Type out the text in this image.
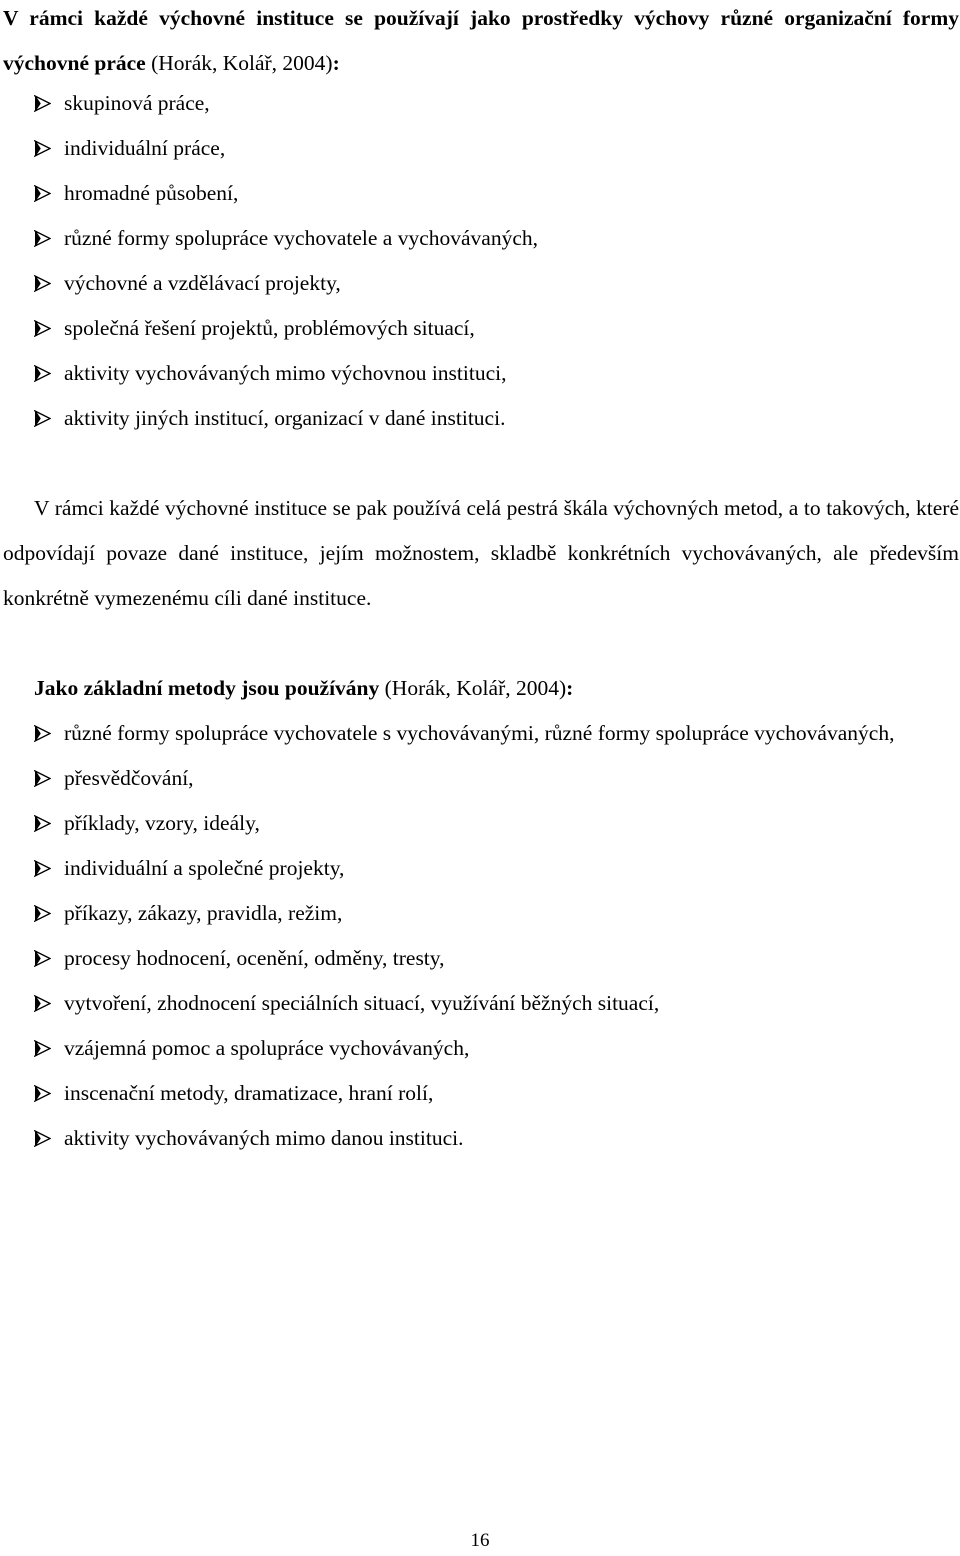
V rámci každé výchovné instituce se používají jako prostředky výchovy různé organizační formy výchovné práce (Horák, Kolář, 2004):

skupinová práce,
individuální práce,
hromadné působení,
různé formy spolupráce vychovatele a vychovávaných,
výchovné a vzdělávací projekty,
společná řešení projektů, problémových situací,
aktivity vychovávaných mimo výchovnou instituci,
aktivity jiných institucí, organizací v dané instituci.

V rámci každé výchovné instituce se pak používá celá pestrá škála výchovných metod, a to takových, které odpovídají povaze dané instituce, jejím možnostem, skladbě konkrétních vychovávaných, ale především konkrétně vymezenému cíli dané instituce.

Jako základní metody jsou používány (Horák, Kolář, 2004):

různé formy spolupráce vychovatele s vychovávanými, různé formy spolupráce vychovávaných,
přesvědčování,
příklady, vzory, ideály,
individuální a společné projekty,
příkazy, zákazy, pravidla, režim,
procesy hodnocení, ocenění, odměny, tresty,
vytvoření, zhodnocení speciálních situací, využívání běžných situací,
vzájemná pomoc a spolupráce vychovávaných,
inscenační metody, dramatizace, hraní rolí,
aktivity vychovávaných mimo danou instituci.
16
